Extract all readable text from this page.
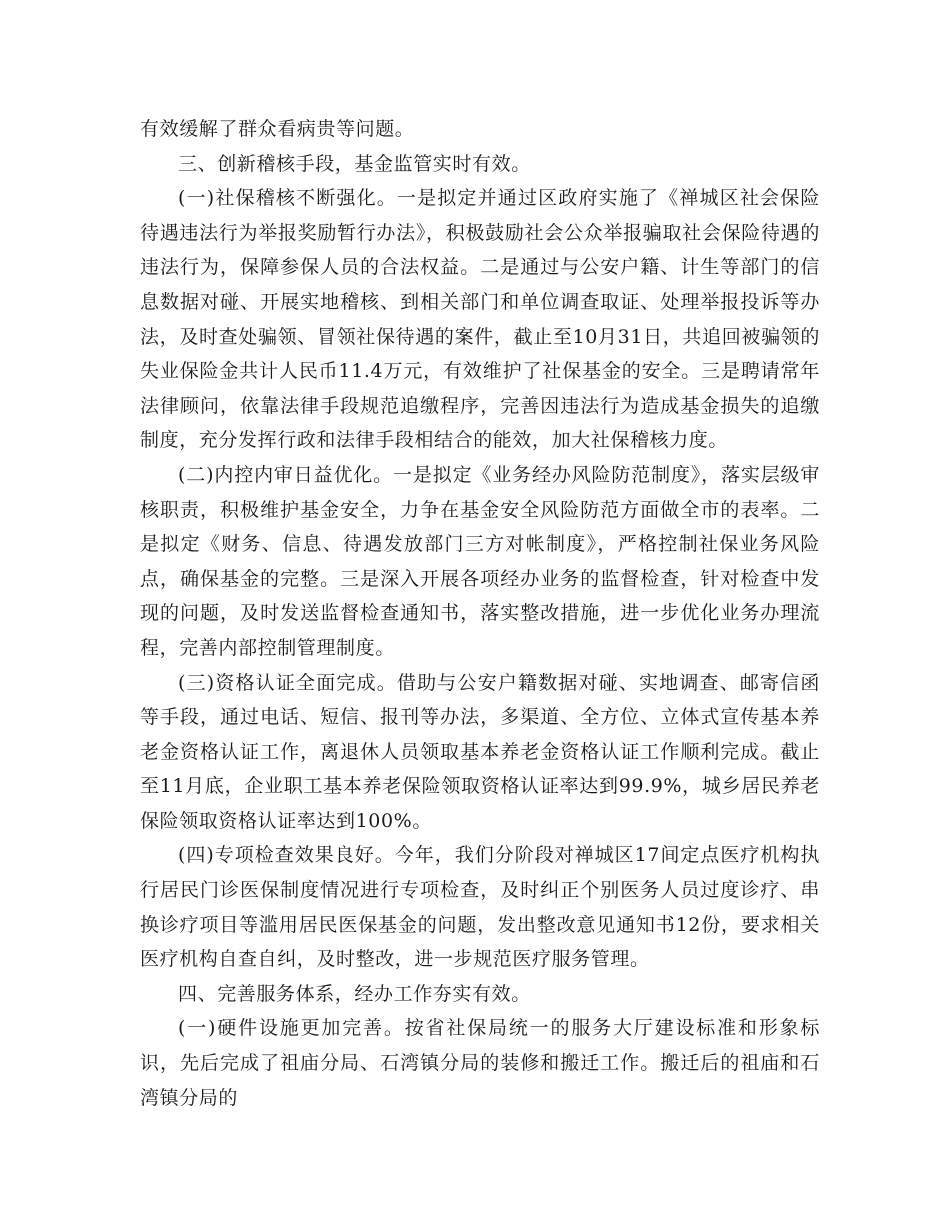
有效缓解了群众看病贵等问题。

三、创新稽核手段，基金监管实时有效。

(一)社保稽核不断强化。一是拟定并通过区政府实施了《禅城区社会保险待遇违法行为举报奖励暂行办法》，积极鼓励社会公众举报骗取社会保险待遇的违法行为，保障参保人员的合法权益。二是通过与公安户籍、计生等部门的信息数据对碰、开展实地稽核、到相关部门和单位调查取证、处理举报投诉等办法，及时查处骗领、冒领社保待遇的案件，截止至10月31日，共追回被骗领的失业保险金共计人民币11.4万元，有效维护了社保基金的安全。三是聘请常年法律顾问，依靠法律手段规范追缴程序，完善因违法行为造成基金损失的追缴制度，充分发挥行政和法律手段相结合的能效，加大社保稽核力度。

(二)内控内审日益优化。一是拟定《业务经办风险防范制度》，落实层级审核职责，积极维护基金安全，力争在基金安全风险防范方面做全市的表率。二是拟定《财务、信息、待遇发放部门三方对帐制度》，严格控制社保业务风险点，确保基金的完整。三是深入开展各项经办业务的监督检查，针对检查中发现的问题，及时发送监督检查通知书，落实整改措施，进一步优化业务办理流程，完善内部控制管理制度。

(三)资格认证全面完成。借助与公安户籍数据对碰、实地调查、邮寄信函等手段，通过电话、短信、报刊等办法，多渠道、全方位、立体式宣传基本养老金资格认证工作，离退休人员领取基本养老金资格认证工作顺利完成。截止至11月底，企业职工基本养老保险领取资格认证率达到99.9%，城乡居民养老保险领取资格认证率达到100%。

(四)专项检查效果良好。今年，我们分阶段对禅城区17间定点医疗机构执行居民门诊医保制度情况进行专项检查，及时纠正个别医务人员过度诊疗、串换诊疗项目等滥用居民医保基金的问题，发出整改意见通知书12份，要求相关医疗机构自查自纠，及时整改，进一步规范医疗服务管理。

四、完善服务体系，经办工作夯实有效。

(一)硬件设施更加完善。按省社保局统一的服务大厅建设标准和形象标识，先后完成了祖庙分局、石湾镇分局的装修和搬迁工作。搬迁后的祖庙和石湾镇分局的
